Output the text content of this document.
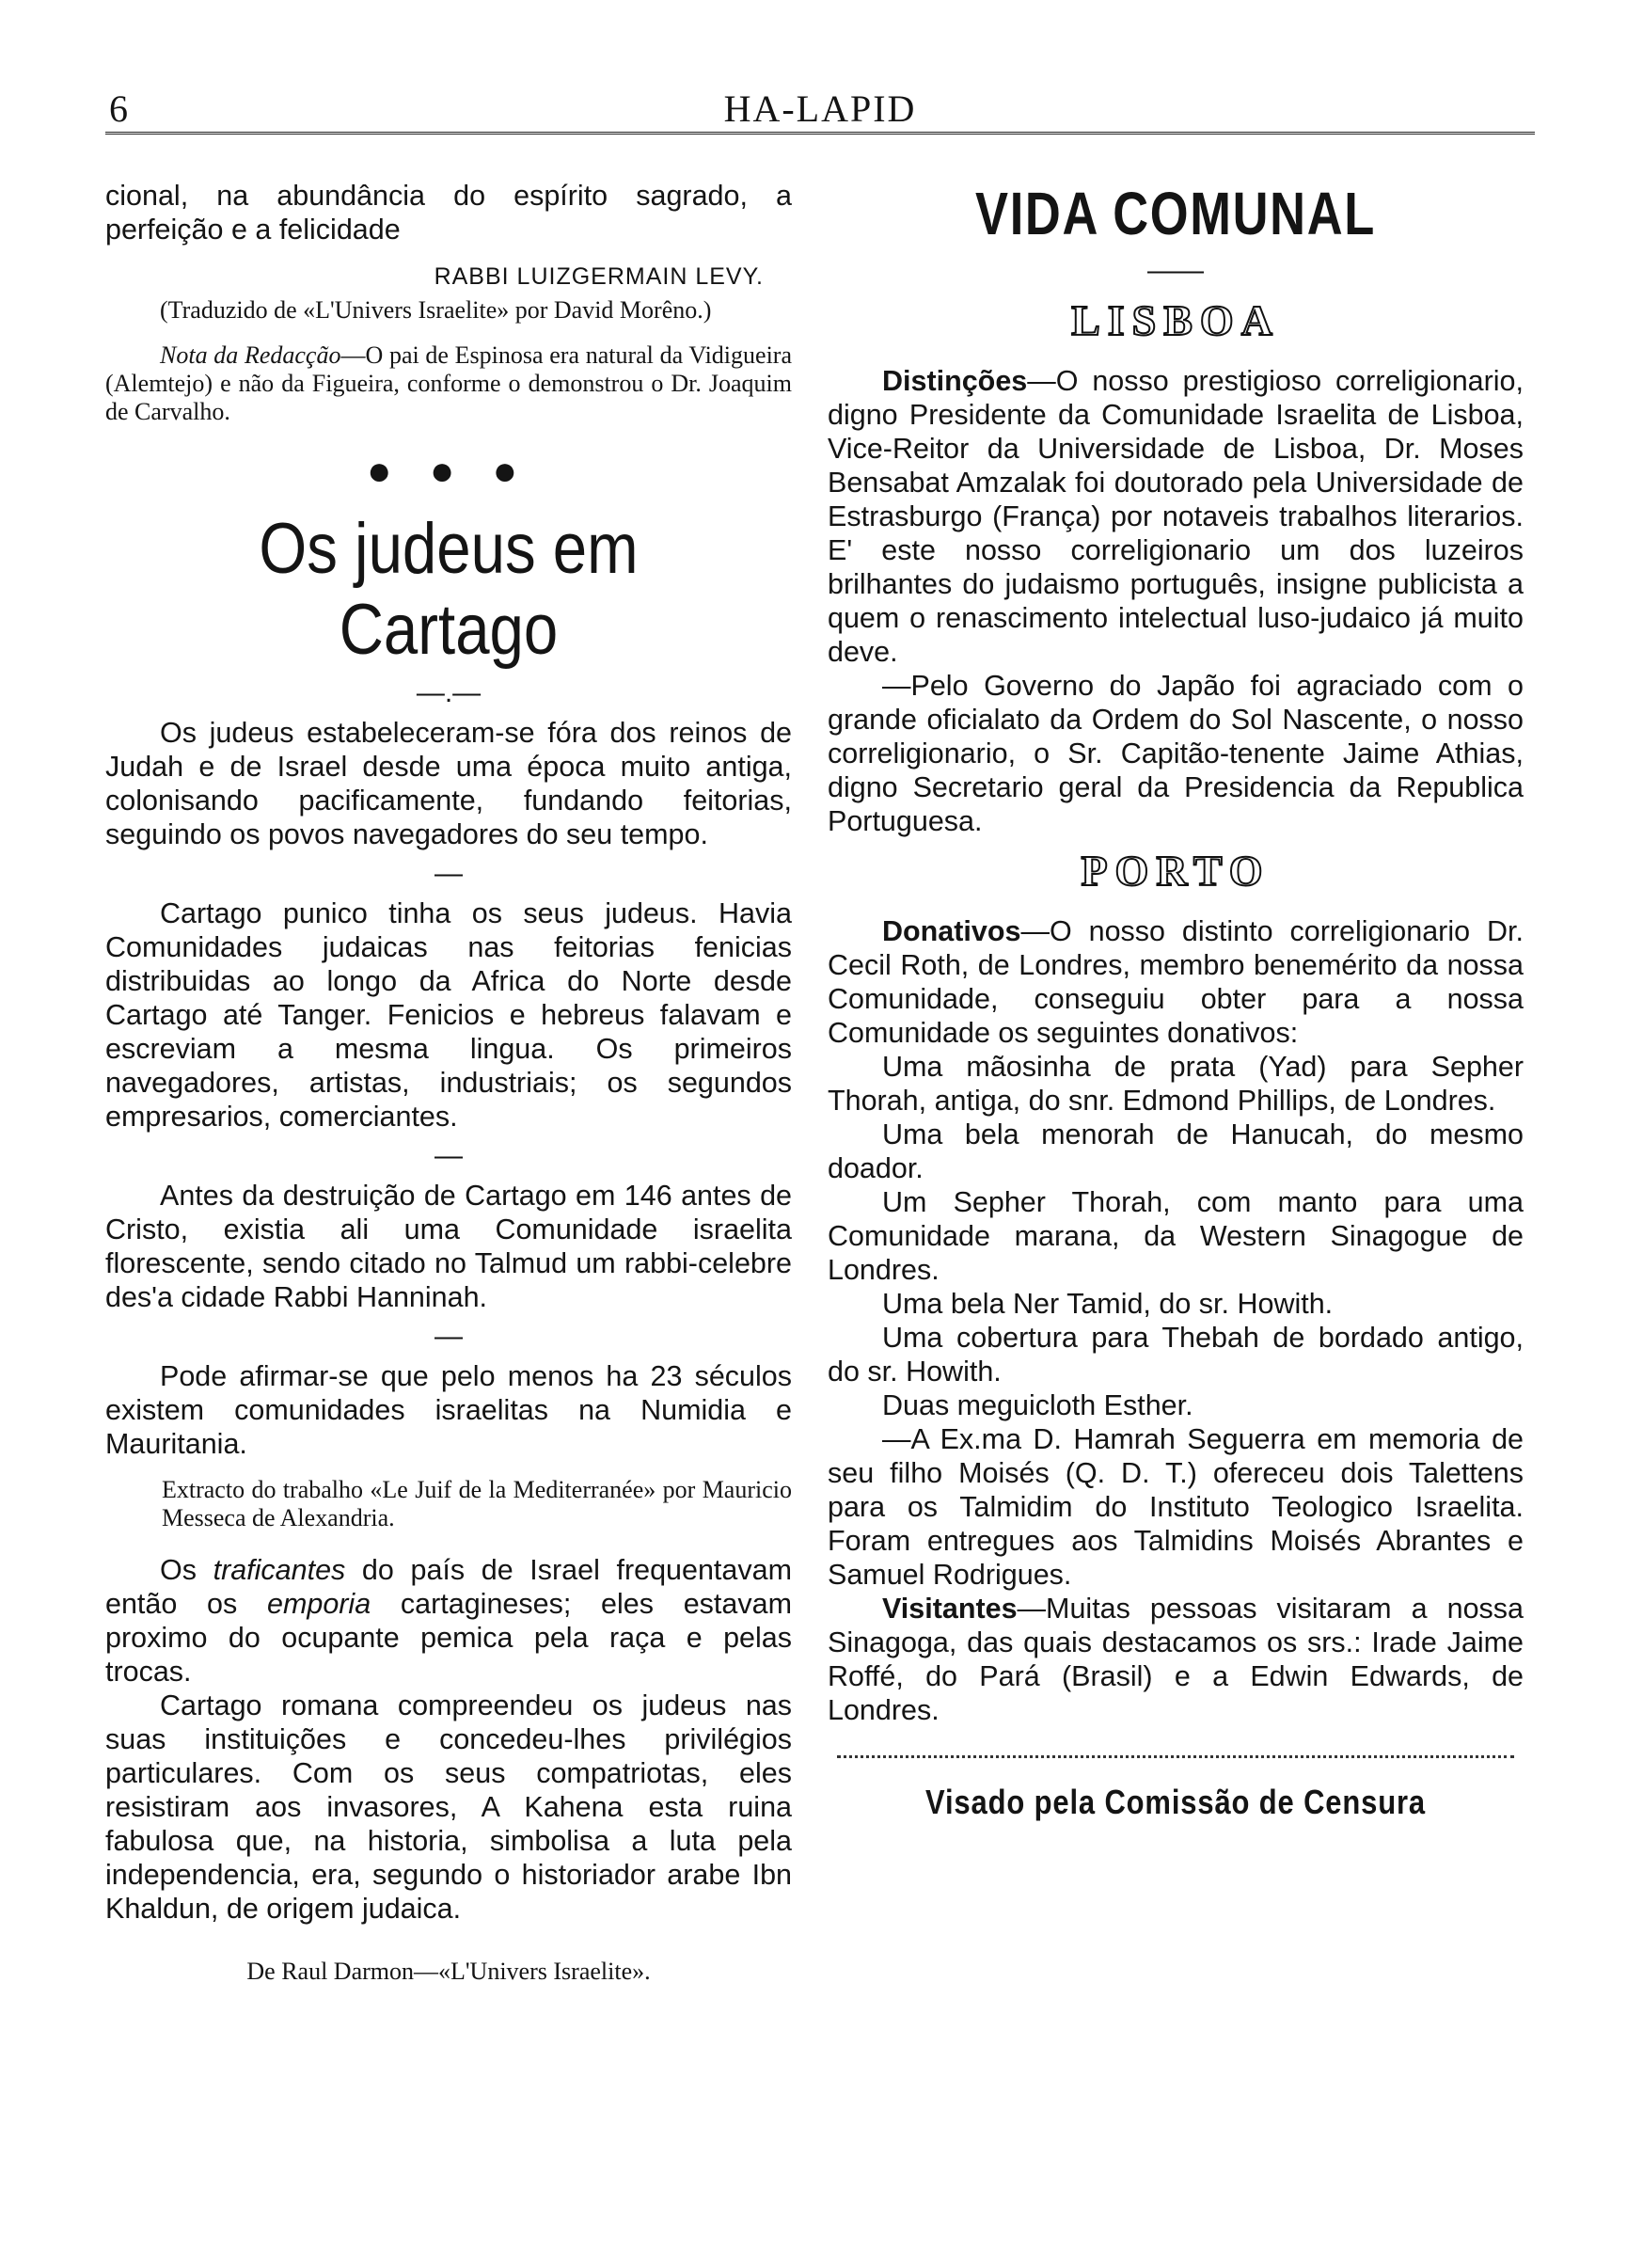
6	HA-LAPID

cional, na abundância do espírito sagrado, a perfeição e a felicidade

RABBI LUIZGERMAIN LEVY.

(Traduzido de «L'Univers Israelite» por David Morêno.)

Nota da Redacção—O pai de Espinosa era natural da Vidigueira (Alemtejo) e não da Figueira, conforme o demonstrou o Dr. Joaquim de Carvalho.

● ● ●
Os judeus em Cartago
—.—

Os judeus estabeleceram-se fóra dos reinos de Judah e de Israel desde uma época muito antiga, colonisando pacificamente, fundando feitorias, seguindo os povos navegadores do seu tempo.

—

Cartago punico tinha os seus judeus. Havia Comunidades judaicas nas feitorias fenicias distribuidas ao longo da Africa do Norte desde Cartago até Tanger. Fenicios e hebreus falavam e escreviam a mesma lingua. Os primeiros navegadores, artistas, industriais; os segundos empresarios, comerciantes.

—

Antes da destruição de Cartago em 146 antes de Cristo, existia ali uma Comunidade israelita florescente, sendo citado no Talmud um rabbi-celebre des'a cidade Rabbi Hanninah.

—

Pode afirmar-se que pelo menos ha 23 séculos existem comunidades israelitas na Numidia e Mauritania.

Extracto do trabalho «Le Juif de la Mediterranée» por Mauricio Messeca de Alexandria.

Os traficantes do país de Israel frequentavam então os emporia cartagineses; eles estavam proximo do ocupante pemica pela raça e pelas trocas.

Cartago romana compreendeu os judeus nas suas instituições e concedeu-lhes privilégios particulares. Com os seus compatriotas, eles resistiram aos invasores, A Kahena esta ruina fabulosa que, na historia, simbolisa a luta pela independencia, era, segundo o historiador arabe Ibn Khaldun, de origem judaica.

De Raul Darmon—«L'Univers Israelite».
VIDA COMUNAL
——
LISBOA

Distinções—O nosso prestigioso correligionario, digno Presidente da Comunidade Israelita de Lisboa, Vice-Reitor da Universidade de Lisboa, Dr. Moses Bensabat Amzalak foi doutorado pela Universidade de Estrasburgo (França) por notaveis trabalhos literarios. E' este nosso correligionario um dos luzeiros brilhantes do judaismo português, insigne publicista a quem o renascimento intelectual luso-judaico já muito deve.

—Pelo Governo do Japão foi agraciado com o grande oficialato da Ordem do Sol Nascente, o nosso correligionario, o Sr. Capitão-tenente Jaime Athias, digno Secretario geral da Presidencia da Republica Portuguesa.

PORTO

Donativos—O nosso distinto correligionario Dr. Cecil Roth, de Londres, membro benemérito da nossa Comunidade, conseguiu obter para a nossa Comunidade os seguintes donativos:

Uma mãosinha de prata (Yad) para Sepher Thorah, antiga, do snr. Edmond Phillips, de Londres.

Uma bela menorah de Hanucah, do mesmo doador.

Um Sepher Thorah, com manto para uma Comunidade marana, da Western Sinagogue de Londres.

Uma bela Ner Tamid, do sr. Howith.

Uma cobertura para Thebah de bordado antigo, do sr. Howith.

Duas meguicloth Esther.

—A Ex.ma D. Hamrah Seguerra em memoria de seu filho Moisés (Q. D. T.) ofereceu dois Talettens para os Talmidim do Instituto Teologico Israelita. Foram entregues aos Talmidins Moisés Abrantes e Samuel Rodrigues.

Visitantes—Muitas pessoas visitaram a nossa Sinagoga, das quais destacamos os srs.: Irade Jaime Roffé, do Pará (Brasil) e a Edwin Edwards, de Londres.

Visado pela Comissão de Censura
